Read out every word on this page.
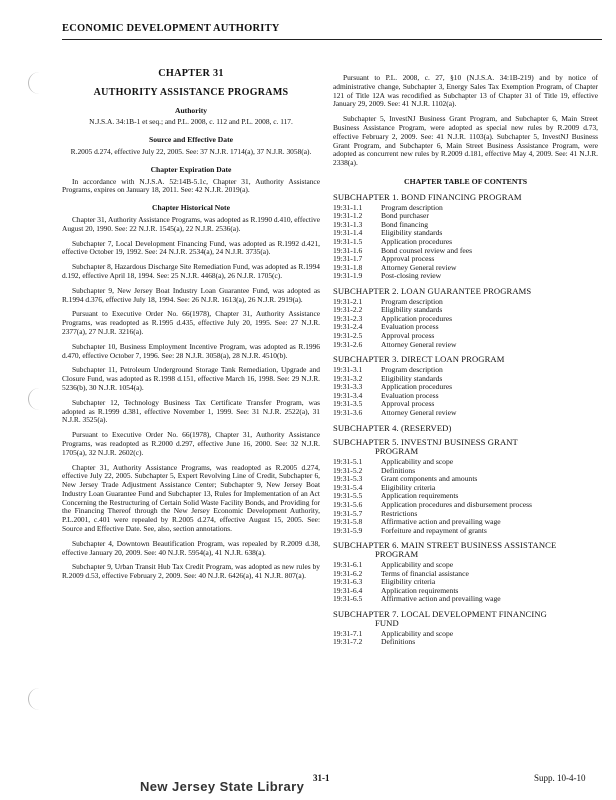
ECONOMIC DEVELOPMENT AUTHORITY
CHAPTER 31
AUTHORITY ASSISTANCE PROGRAMS
Authority

N.J.S.A. 34:1B-1 et seq.; and P.L. 2008, c. 112 and P.L. 2008, c. 117.

Source and Effective Date

R.2005 d.274, effective July 22, 2005. See: 37 N.J.R. 1714(a), 37 N.J.R. 3058(a).

Chapter Expiration Date

In accordance with N.J.S.A. 52:14B-5.1c, Chapter 31, Authority Assistance Programs, expires on January 18, 2011. See: 42 N.J.R. 2019(a).

Chapter Historical Note

Chapter 31, Authority Assistance Programs, was adopted as R.1990 d.410, effective August 20, 1990. See: 22 N.J.R. 1545(a), 22 N.J.R. 2536(a).

Subchapter 7, Local Development Financing Fund, was adopted as R.1992 d.421, effective October 19, 1992. See: 24 N.J.R. 2534(a), 24 N.J.R. 3735(a).

Subchapter 8, Hazardous Discharge Site Remediation Fund, was adopted as R.1994 d.192, effective April 18, 1994. See: 25 N.J.R. 4468(a), 26 N.J.R. 1705(c).

Subchapter 9, New Jersey Boat Industry Loan Guarantee Fund, was adopted as R.1994 d.376, effective July 18, 1994. See: 26 N.J.R. 1613(a), 26 N.J.R. 2919(a).

Pursuant to Executive Order No. 66(1978), Chapter 31, Authority Assistance Programs, was readopted as R.1995 d.435, effective July 20, 1995. See: 27 N.J.R. 2377(a), 27 N.J.R. 3216(a).

Subchapter 10, Business Employment Incentive Program, was adopted as R.1996 d.470, effective October 7, 1996. See: 28 N.J.R. 3058(a), 28 N.J.R. 4510(b).

Subchapter 11, Petroleum Underground Storage Tank Remediation, Upgrade and Closure Fund, was adopted as R.1998 d.151, effective March 16, 1998. See: 29 N.J.R. 5236(b), 30 N.J.R. 1054(a).

Subchapter 12, Technology Business Tax Certificate Transfer Program, was adopted as R.1999 d.381, effective November 1, 1999. See: 31 N.J.R. 2522(a), 31 N.J.R. 3525(a).

Pursuant to Executive Order No. 66(1978), Chapter 31, Authority Assistance Programs, was readopted as R.2000 d.297, effective June 16, 2000. See: 32 N.J.R. 1705(a), 32 N.J.R. 2602(c).

Chapter 31, Authority Assistance Programs, was readopted as R.2005 d.274, effective July 22, 2005. Subchapter 5, Expert Revolving Line of Credit, Subchapter 6, New Jersey Trade Adjustment Assistance Center; Subchapter 9, New Jersey Boat Industry Loan Guarantee Fund and Subchapter 13, Rules for Implementation of an Act Concerning the Restructuring of Certain Solid Waste Facility Bonds, and Providing for the Financing Thereof through the New Jersey Economic Development Authority, P.L.2001, c.401 were repealed by R.2005 d.274, effective August 15, 2005. See: Source and Effective Date. See, also, section annotations.

Subchapter 4, Downtown Beautification Program, was repealed by R.2009 d.38, effective January 20, 2009. See: 40 N.J.R. 5954(a), 41 N.J.R. 638(a).

Subchapter 9, Urban Transit Hub Tax Credit Program, was adopted as new rules by R.2009 d.53, effective February 2, 2009. See: 40 N.J.R. 6426(a), 41 N.J.R. 807(a).

Pursuant to P.L. 2008, c. 27, §10 (N.J.S.A. 34:1B-219) and by notice of administrative change, Subchapter 3, Energy Sales Tax Exemption Program, of Chapter 121 of Title 12A was recodified as Subchapter 13 of Chapter 31 of Title 19, effective January 29, 2009. See: 41 N.J.R. 1102(a).

Subchapter 5, InvestNJ Business Grant Program, and Subchapter 6, Main Street Business Assistance Program, were adopted as special new rules by R.2009 d.73, effective February 2, 2009. See: 41 N.J.R. 1103(a). Subchapter 5, InvestNJ Business Grant Program, and Subchapter 6, Main Street Business Assistance Program, were adopted as concurrent new rules by R.2009 d.181, effective May 4, 2009. See: 41 N.J.R. 2338(a).

CHAPTER TABLE OF CONTENTS
SUBCHAPTER 1. BOND FINANCING PROGRAM
19:31-1.1	Program description
19:31-1.2	Bond purchaser
19:31-1.3	Bond financing
19:31-1.4	Eligibility standards
19:31-1.5	Application procedures
19:31-1.6	Bond counsel review and fees
19:31-1.7	Approval process
19:31-1.8	Attorney General review
19:31-1.9	Post-closing review
SUBCHAPTER 2. LOAN GUARANTEE PROGRAMS
19:31-2.1	Program description
19:31-2.2	Eligibility standards
19:31-2.3	Application procedures
19:31-2.4	Evaluation process
19:31-2.5	Approval process
19:31-2.6	Attorney General review
SUBCHAPTER 3. DIRECT LOAN PROGRAM
19:31-3.1	Program description
19:31-3.2	Eligibility standards
19:31-3.3	Application procedures
19:31-3.4	Evaluation process
19:31-3.5	Approval process
19:31-3.6	Attorney General review
SUBCHAPTER 4. (RESERVED)
SUBCHAPTER 5. INVESTNJ BUSINESS GRANT
PROGRAM
19:31-5.1	Applicability and scope
19:31-5.2	Definitions
19:31-5.3	Grant components and amounts
19:31-5.4	Eligibility criteria
19:31-5.5	Application requirements
19:31-5.6	Application procedures and disbursement process
19:31-5.7	Restrictions
19:31-5.8	Affirmative action and prevailing wage
19:31-5.9	Forfeiture and repayment of grants
SUBCHAPTER 6. MAIN STREET BUSINESS ASSISTANCE
PROGRAM
19:31-6.1	Applicability and scope
19:31-6.2	Terms of financial assistance
19:31-6.3	Eligibility criteria
19:31-6.4	Application requirements
19:31-6.5	Affirmative action and prevailing wage
SUBCHAPTER 7. LOCAL DEVELOPMENT FINANCING
FUND
19:31-7.1	Applicability and scope
19:31-7.2	Definitions
31-1	Supp. 10-4-10
New Jersey State Library
